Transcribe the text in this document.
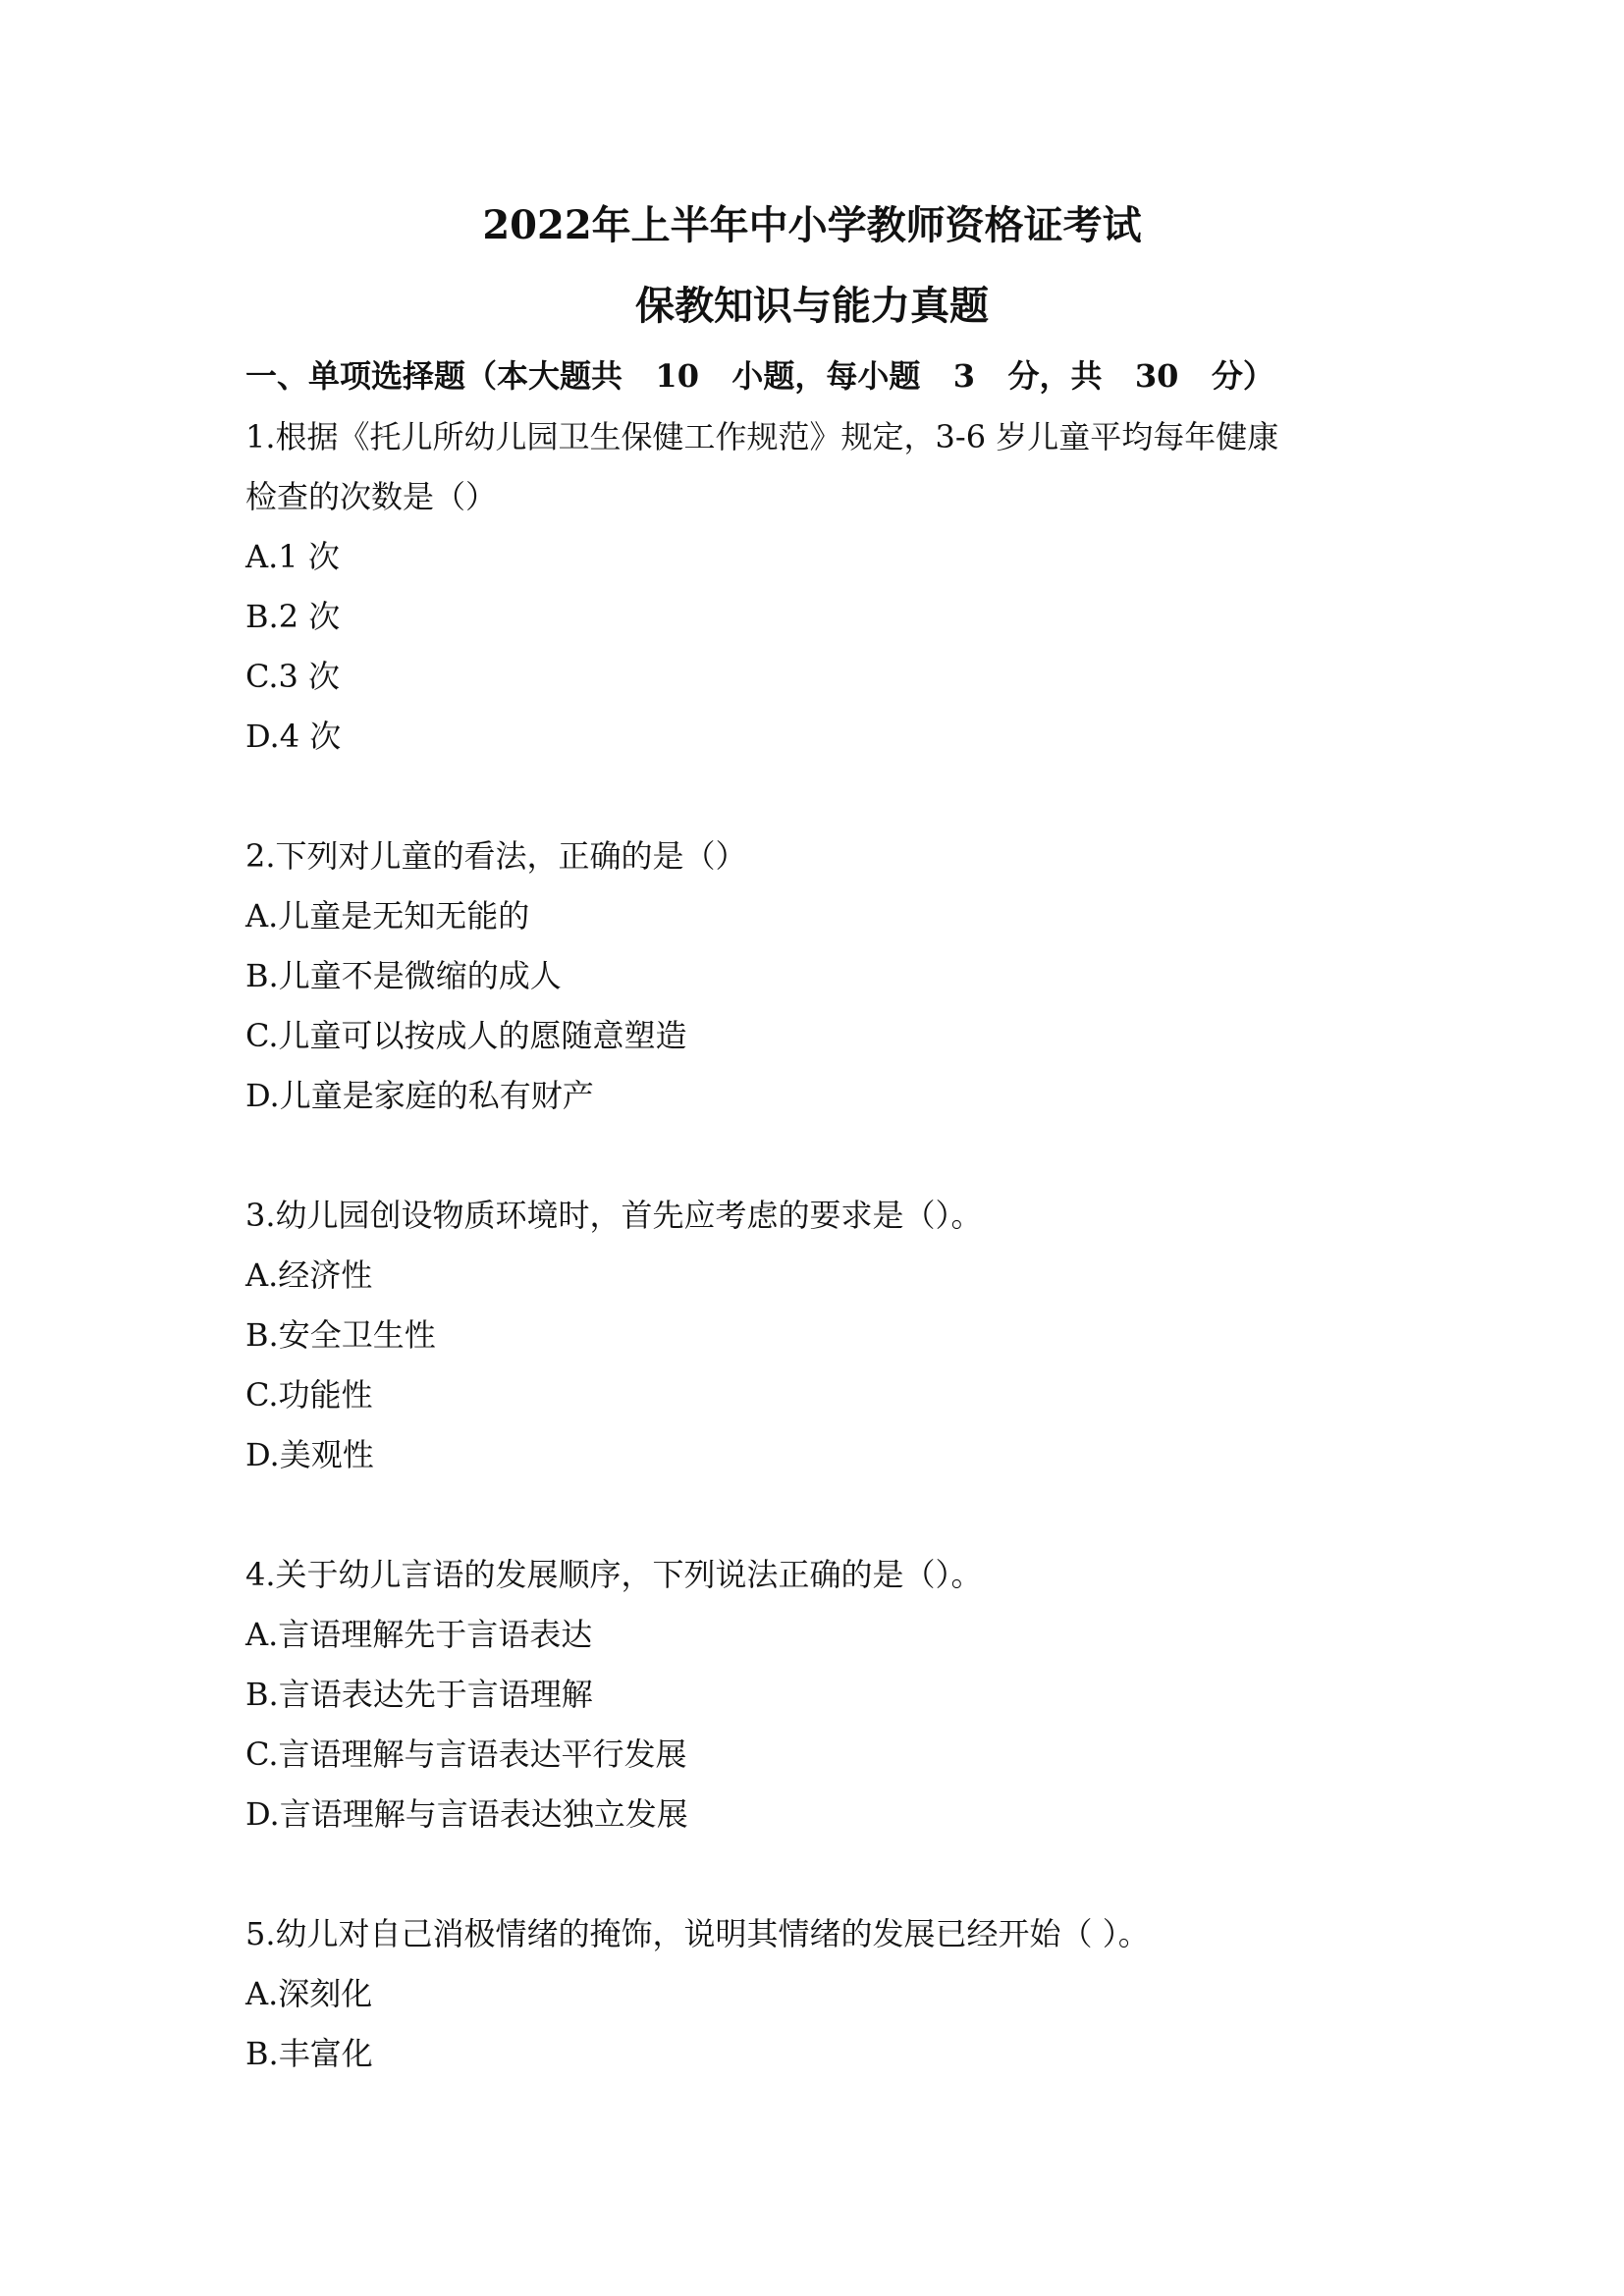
2022年上半年中小学教师资格证考试
保教知识与能力真题

一、单项选择题（本大题共   10   小题，每小题   3   分，共   30   分）

1.根据《托儿所幼儿园卫生保健工作规范》规定，3-6 岁儿童平均每年健康

检查的次数是（）

A.1 次

B.2 次

C.3 次

D.4 次

2.下列对儿童的看法，正确的是（）

A.儿童是无知无能的

B.儿童不是微缩的成人

C.儿童可以按成人的愿随意塑造

D.儿童是家庭的私有财产

3.幼儿园创设物质环境时，首先应考虑的要求是（）。

A.经济性

B.安全卫生性

C.功能性

D.美观性

4.关于幼儿言语的发展顺序，下列说法正确的是（）。

A.言语理解先于言语表达

B.言语表达先于言语理解

C.言语理解与言语表达平行发展

D.言语理解与言语表达独立发展

5.幼儿对自己消极情绪的掩饰，说明其情绪的发展已经开始（ ）。

A.深刻化

B.丰富化
